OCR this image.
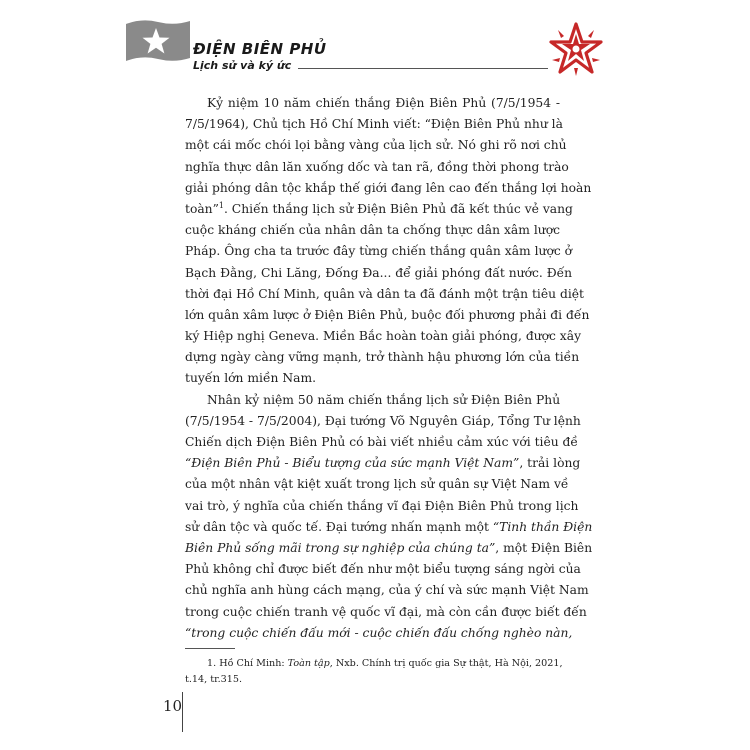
ĐIỆN BIÊN PHỦ
Lịch sử và ký ức
Kỷ niệm 10 năm chiến thắng Điện Biên Phủ (7/5/1954 -
7/5/1964), Chủ tịch Hồ Chí Minh viết: “Điện Biên Phủ như là
một cái mốc chói lọi bằng vàng của lịch sử. Nó ghi rõ nơi chủ
nghĩa thực dân lăn xuống dốc và tan rã, đồng thời phong trào
giải phóng dân tộc khắp thế giới đang lên cao đến thắng lợi hoàn
toàn”$^1$. Chiến thắng lịch sử Điện Biên Phủ đã kết thúc vẻ vang
cuộc kháng chiến của nhân dân ta chống thực dân xâm lược
Pháp. Ông cha ta trước đây từng chiến thắng quân xâm lược ở
Bạch Đằng, Chi Lăng, Đống Đa... để giải phóng đất nước. Đến
thời đại Hồ Chí Minh, quân và dân ta đã đánh một trận tiêu diệt
lớn quân xâm lược ở Điện Biên Phủ, buộc đối phương phải đi đến
ký Hiệp nghị Geneva. Miền Bắc hoàn toàn giải phóng, được xây
dựng ngày càng vững mạnh, trở thành hậu phương lớn của tiền
tuyến lớn miền Nam.
Nhân kỷ niệm 50 năm chiến thắng lịch sử Điện Biên Phủ
(7/5/1954 - 7/5/2004), Đại tướng Võ Nguyên Giáp, Tổng Tư lệnh
Chiến dịch Điện Biên Phủ có bài viết nhiều cảm xúc với tiêu đề
“Điện Biên Phủ - Biểu tượng của sức mạnh Việt Nam”, trải lòng
của một nhân vật kiệt xuất trong lịch sử quân sự Việt Nam về
vai trò, ý nghĩa của chiến thắng vĩ đại Điện Biên Phủ trong lịch
sử dân tộc và quốc tế. Đại tướng nhấn mạnh một “Tinh thần Điện
Biên Phủ sống mãi trong sự nghiệp của chúng ta”, một Điện Biên
Phủ không chỉ được biết đến như một biểu tượng sáng ngời của
chủ nghĩa anh hùng cách mạng, của ý chí và sức mạnh Việt Nam
trong cuộc chiến tranh vệ quốc vĩ đại, mà còn cần được biết đến
“trong cuộc chiến đấu mới - cuộc chiến đấu chống nghèo nàn,
1. Hồ Chí Minh: Toàn tập, Nxb. Chính trị quốc gia Sự thật, Hà Nội, 2021,
t.14, tr.315.
10
